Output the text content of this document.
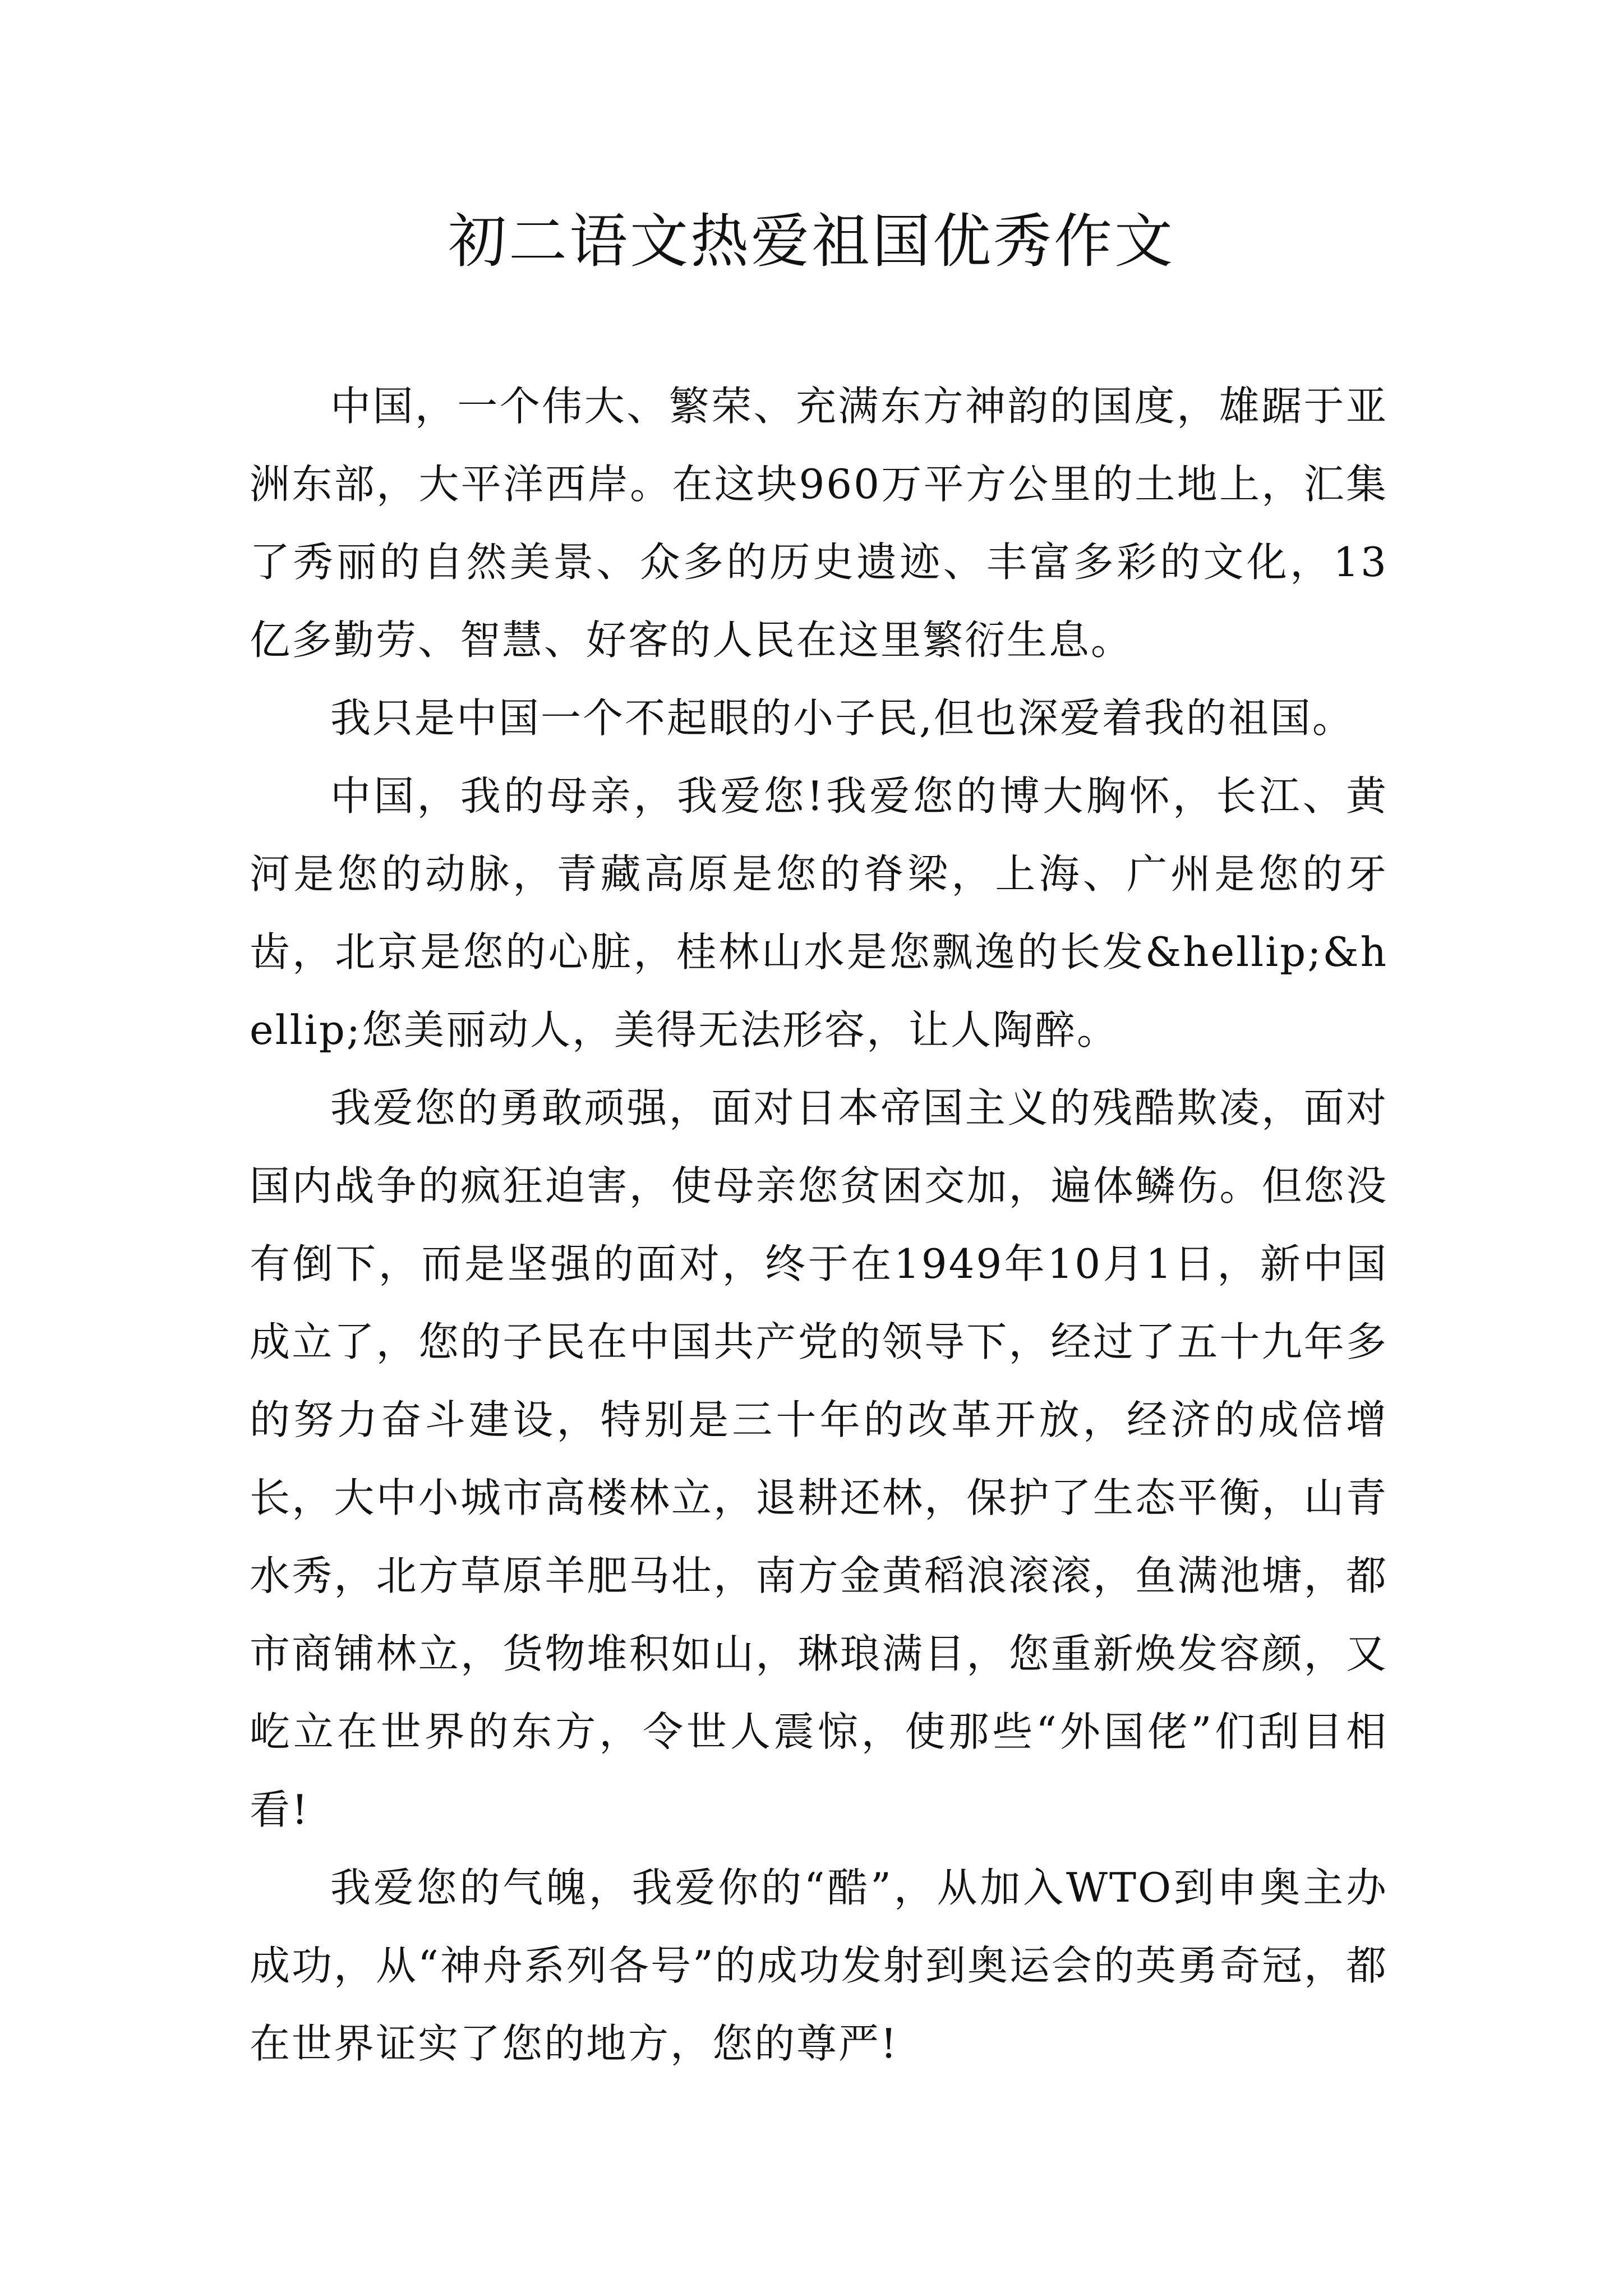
初二语文热爱祖国优秀作文

中国，一个伟大、繁荣、充满东方神韵的国度，雄踞于亚洲东部，大平洋西岸。在这块960万平方公里的土地上，汇集了秀丽的自然美景、众多的历史遗迹、丰富多彩的文化，13亿多勤劳、智慧、好客的人民在这里繁衍生息。

我只是中国一个不起眼的小子民,但也深爱着我的祖国。

中国，我的母亲，我爱您!我爱您的博大胸怀，长江、黄河是您的动脉，青藏高原是您的脊梁，上海、广州是您的牙齿，北京是您的心脏，桂林山水是您飘逸的长发&hellip;&hellip;您美丽动人，美得无法形容，让人陶醉。

我爱您的勇敢顽强，面对日本帝国主义的残酷欺凌，面对国内战争的疯狂迫害，使母亲您贫困交加，遍体鳞伤。但您没有倒下，而是坚强的面对，终于在1949年10月1日，新中国成立了，您的子民在中国共产党的领导下，经过了五十九年多的努力奋斗建设，特别是三十年的改革开放，经济的成倍增长，大中小城市高楼林立，退耕还林，保护了生态平衡，山青水秀，北方草原羊肥马壮，南方金黄稻浪滚滚，鱼满池塘，都市商铺林立，货物堆积如山，琳琅满目，您重新焕发容颜，又屹立在世界的东方，令世人震惊，使那些“外国佬”们刮目相看!

我爱您的气魄，我爱你的“酷”，从加入WTO到申奥主办成功，从“神舟系列各号”的成功发射到奥运会的英勇奇冠，都在世界证实了您的地方，您的尊严!
